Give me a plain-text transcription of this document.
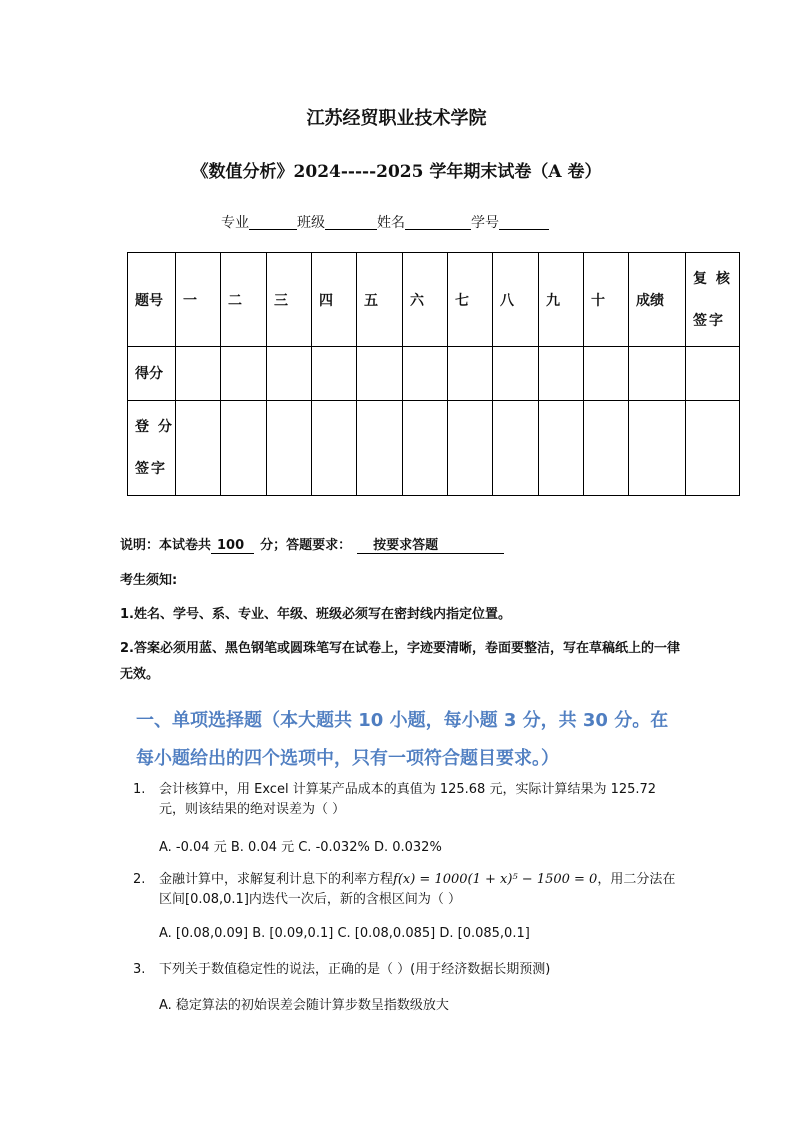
江苏经贸职业技术学院
《数值分析》2024-----2025 学年期末试卷（A 卷）
专业	班级	姓名	学号
题号	一	二	三	四	五	六	七	八	九	十	成绩	复 核
签字

得分												

登 分
签字												

说明：本试卷共 100 分；答题要求： 按要求答题
考生须知:
1.姓名、学号、系、专业、年级、班级必须写在密封线内指定位置。
2.答案必须用蓝、黑色钢笔或圆珠笔写在试卷上，字迹要清晰，卷面要整洁，写在草稿纸上的一律无效。
一、单项选择题（本大题共 10 小题，每小题 3 分，共 30 分。在
每小题给出的四个选项中，只有一项符合题目要求。）
1. 会计核算中，用 Excel 计算某产品成本的真值为 125.68 元，实际计算结果为 125.72 元，则该结果的绝对误差为（ ）
A. -0.04 元 B. 0.04 元 C. -0.032% D. 0.032%
2. 金融计算中，求解复利计息下的利率方程f(x) = 1000(1 + x)⁵ − 1500 = 0，用二分法在区间[0.08,0.1]内迭代一次后，新的含根区间为（ ）
A. [0.08,0.09] B. [0.09,0.1] C. [0.08,0.085] D. [0.085,0.1]
3. 下列关于数值稳定性的说法，正确的是（ ）(用于经济数据长期预测)
A. 稳定算法的初始误差会随计算步数呈指数级放大
